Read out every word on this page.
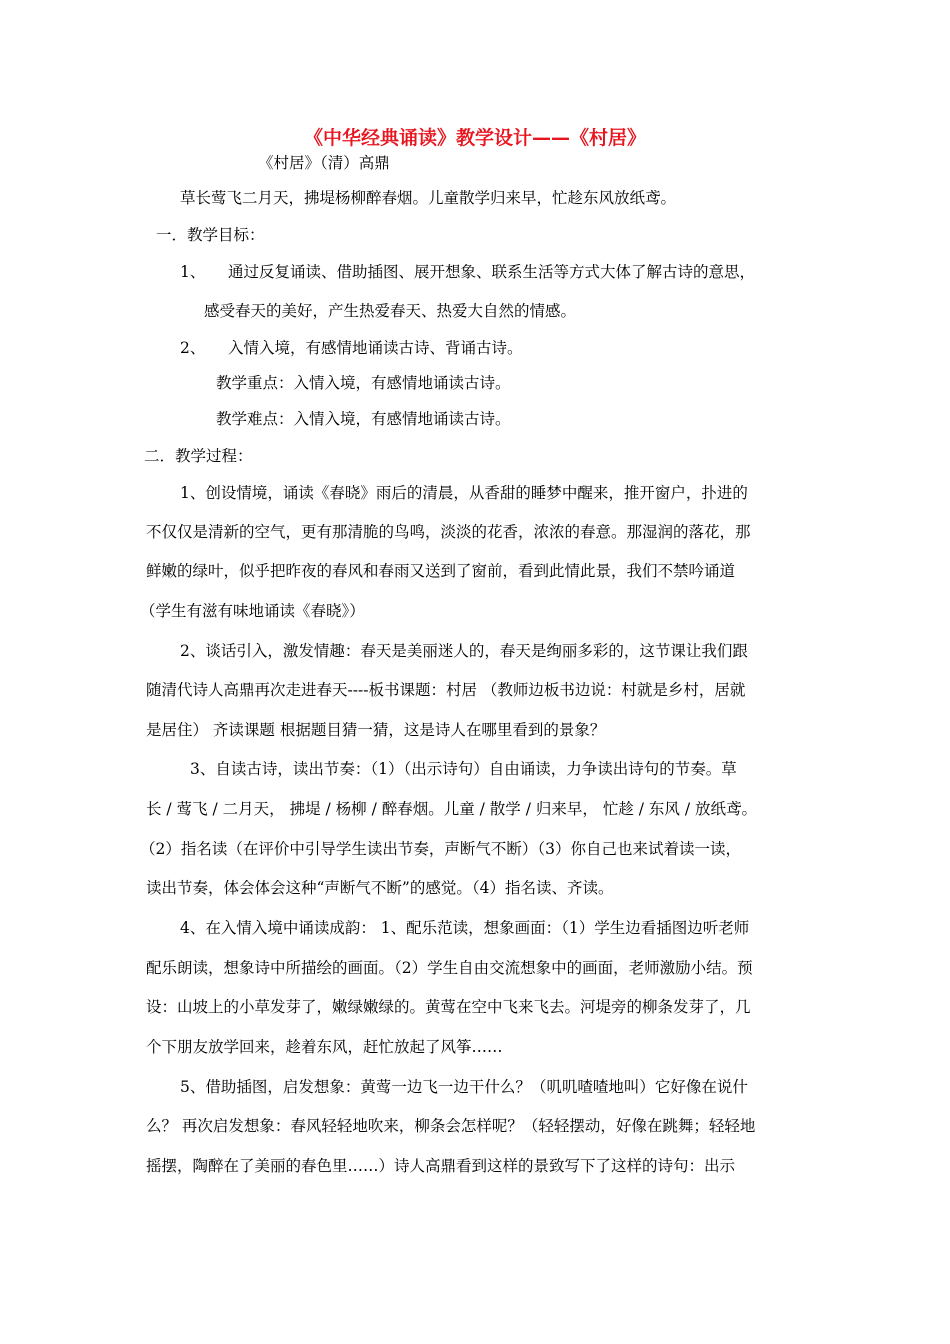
《中华经典诵读》教学设计——《村居》
《村居》（清）高鼎
草长莺飞二月天，拂堤杨柳醉春烟。儿童散学归来早，忙趁东风放纸鸢。
一．教学目标：
1、 通过反复诵读、借助插图、展开想象、联系生活等方式大体了解古诗的意思，
感受春天的美好，产生热爱春天、热爱大自然的情感。
2、 入情入境，有感情地诵读古诗、背诵古诗。
教学重点：入情入境，有感情地诵读古诗。
教学难点：入情入境，有感情地诵读古诗。
二．教学过程：
1、创设情境，诵读《春晓》雨后的清晨，从香甜的睡梦中醒来，推开窗户，扑进的
不仅仅是清新的空气，更有那清脆的鸟鸣，淡淡的花香，浓浓的春意。那湿润的落花，那
鲜嫩的绿叶，似乎把昨夜的春风和春雨又送到了窗前，看到此情此景，我们不禁吟诵道
（学生有滋有味地诵读《春晓》）
2、谈话引入，激发情趣：春天是美丽迷人的，春天是绚丽多彩的，这节课让我们跟
随清代诗人高鼎再次走进春天----板书课题：村居 （教师边板书边说：村就是乡村，居就
是居住） 齐读课题 根据题目猜一猜，这是诗人在哪里看到的景象？
3、自读古诗，读出节奏：（1）（出示诗句）自由诵读，力争读出诗句的节奏。草
长 / 莺飞 / 二月天， 拂堤 / 杨柳 / 醉春烟。儿童 / 散学 / 归来早， 忙趁 / 东风 / 放纸鸢。
（2）指名读（在评价中引导学生读出节奏，声断气不断）（3）你自己也来试着读一读，
读出节奏，体会体会这种“声断气不断”的感觉。（4）指名读、齐读。
4、在入情入境中诵读成韵： 1、配乐范读，想象画面：（1）学生边看插图边听老师
配乐朗读，想象诗中所描绘的画面。（2）学生自由交流想象中的画面，老师激励小结。预
设：山坡上的小草发芽了，嫩绿嫩绿的。黄莺在空中飞来飞去。河堤旁的柳条发芽了，几
个下朋友放学回来，趁着东风，赶忙放起了风筝……
5、借助插图，启发想象：黄莺一边飞一边干什么？（叽叽喳喳地叫）它好像在说什
么？ 再次启发想象：春风轻轻地吹来，柳条会怎样呢？（轻轻摆动，好像在跳舞；轻轻地
摇摆，陶醉在了美丽的春色里……）诗人高鼎看到这样的景致写下了这样的诗句：出示
